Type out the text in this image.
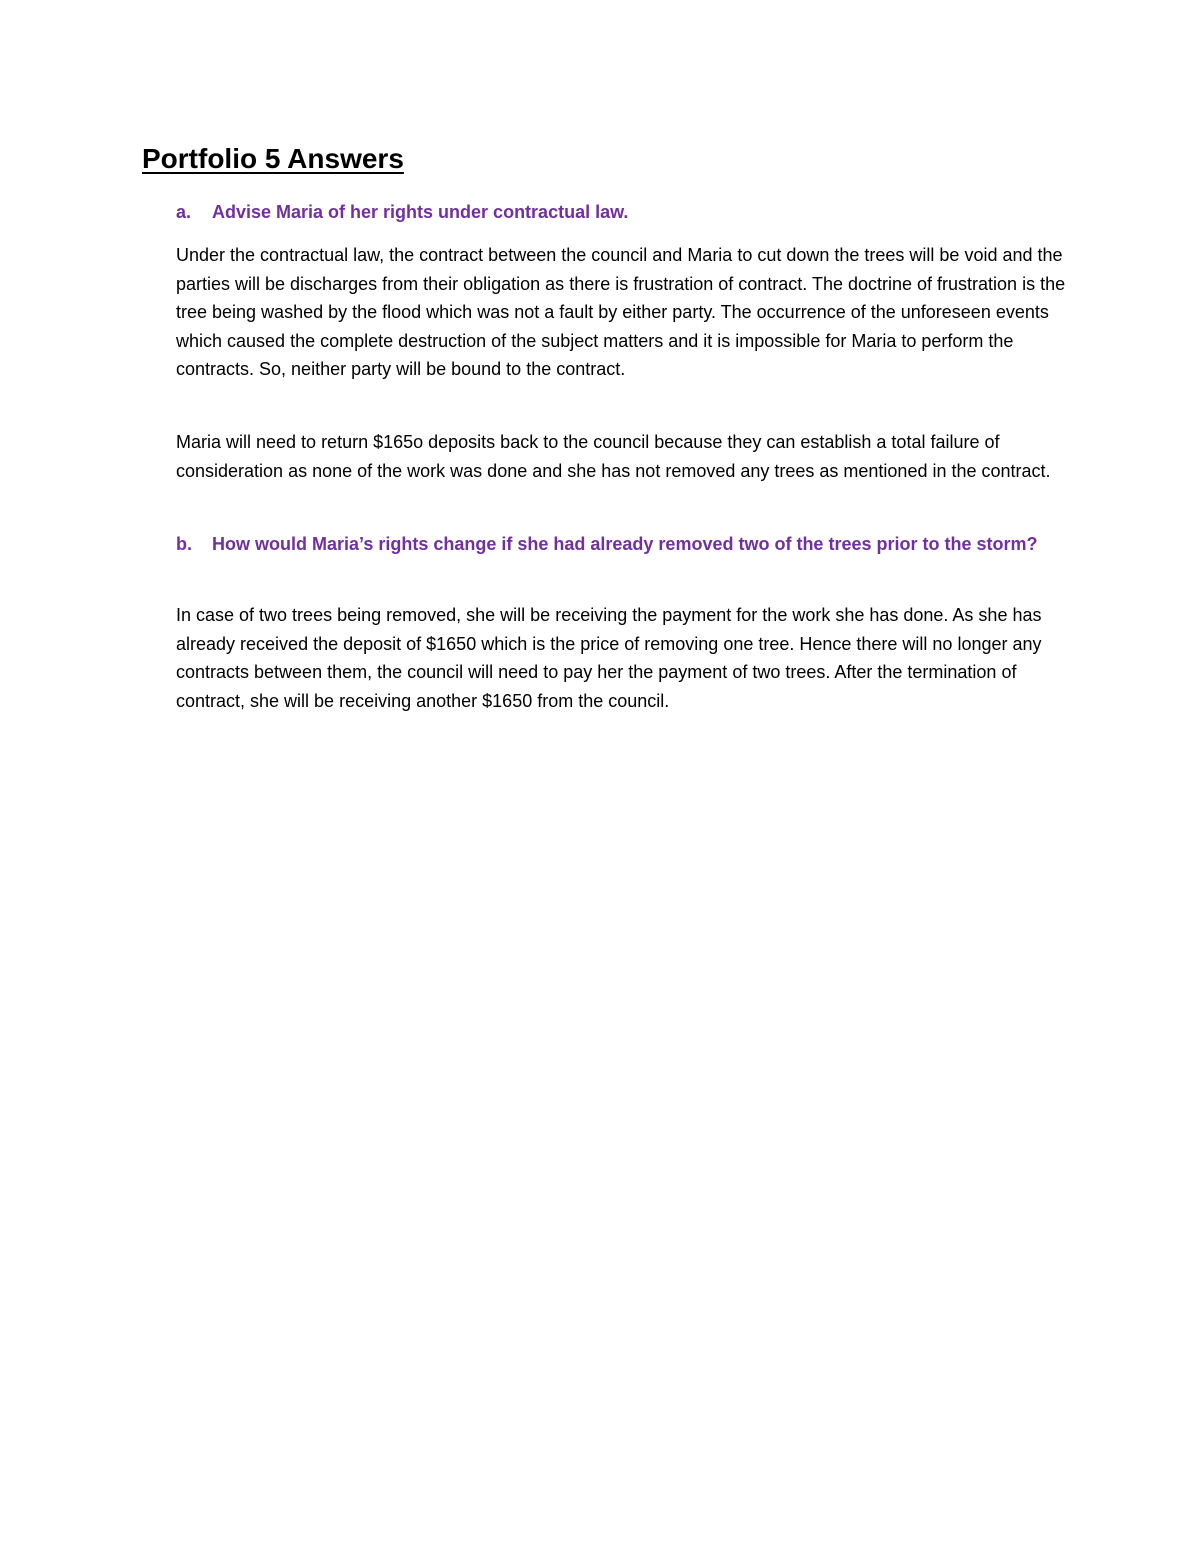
Portfolio 5 Answers
a. Advise Maria of her rights under contractual law.

Under the contractual law, the contract between the council and Maria to cut down the trees will be void and the parties will be discharges from their obligation as there is frustration of contract. The doctrine of frustration is the tree being washed by the flood which was not a fault by either party. The occurrence of the unforeseen events which caused the complete destruction of the subject matters and it is impossible for Maria to perform the contracts. So, neither party will be bound to the contract.

Maria will need to return $165o deposits back to the council because they can establish a total failure of consideration as none of the work was done and she has not removed any trees as mentioned in the contract.

b. How would Maria’s rights change if she had already removed two of the trees prior to the storm?

In case of two trees being removed, she will be receiving the payment for the work she has done. As she has already received the deposit of $1650 which is the price of removing one tree. Hence there will no longer any contracts between them, the council will need to pay her the payment of two trees. After the termination of contract, she will be receiving another $1650 from the council.
